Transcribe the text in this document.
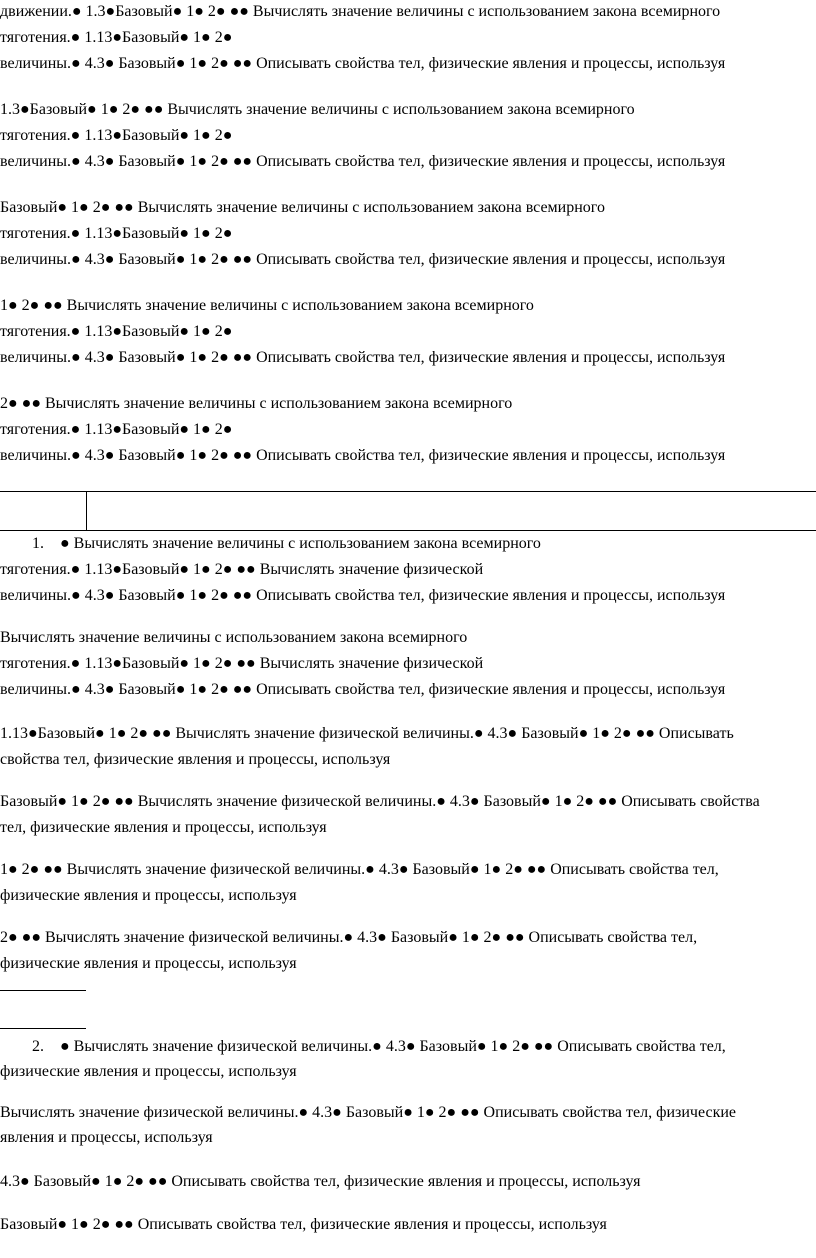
движении.● 1.3●Базовый● 1● 2● ●● Вычислять значение величины с использованием закона всемирного
тяготения.● 1.13●Базовый● 1● 2●
величины.● 4.3● Базовый● 1● 2● ●● Описывать свойства тел, физические явления и процессы, используя
1.3●Базовый● 1● 2● ●● Вычислять значение величины с использованием закона всемирного
тяготения.● 1.13●Базовый● 1● 2●
величины.● 4.3● Базовый● 1● 2● ●● Описывать свойства тел, физические явления и процессы, используя
Базовый● 1● 2● ●● Вычислять значение величины с использованием закона всемирного
тяготения.● 1.13●Базовый● 1● 2●
величины.● 4.3● Базовый● 1● 2● ●● Описывать свойства тел, физические явления и процессы, используя
1● 2● ●● Вычислять значение величины с использованием закона всемирного
тяготения.● 1.13●Базовый● 1● 2●
величины.● 4.3● Базовый● 1● 2● ●● Описывать свойства тел, физические явления и процессы, используя
2● ●● Вычислять значение величины с использованием закона всемирного
тяготения.● 1.13●Базовый● 1● 2●
величины.● 4.3● Базовый● 1● 2● ●● Описывать свойства тел, физические явления и процессы, используя
1. ● Вычислять значение величины с использованием закона всемирного
тяготения.● 1.13●Базовый● 1● 2● ●● Вычислять значение физической
величины.● 4.3● Базовый● 1● 2● ●● Описывать свойства тел, физические явления и процессы, используя
Вычислять значение величины с использованием закона всемирного
тяготения.● 1.13●Базовый● 1● 2● ●● Вычислять значение физической
величины.● 4.3● Базовый● 1● 2● ●● Описывать свойства тел, физические явления и процессы, используя
1.13●Базовый● 1● 2● ●● Вычислять значение физической величины.● 4.3● Базовый● 1● 2● ●● Описывать
свойства тел, физические явления и процессы, используя
Базовый● 1● 2● ●● Вычислять значение физической величины.● 4.3● Базовый● 1● 2● ●● Описывать свойства
тел, физические явления и процессы, используя
1● 2● ●● Вычислять значение физической величины.● 4.3● Базовый● 1● 2● ●● Описывать свойства тел,
физические явления и процессы, используя
2● ●● Вычислять значение физической величины.● 4.3● Базовый● 1● 2● ●● Описывать свойства тел,
физические явления и процессы, используя
2. ● Вычислять значение физической величины.● 4.3● Базовый● 1● 2● ●● Описывать свойства тел,
физические явления и процессы, используя
Вычислять значение физической величины.● 4.3● Базовый● 1● 2● ●● Описывать свойства тел, физические
явления и процессы, используя
4.3● Базовый● 1● 2● ●● Описывать свойства тел, физические явления и процессы, используя
Базовый● 1● 2● ●● Описывать свойства тел, физические явления и процессы, используя
